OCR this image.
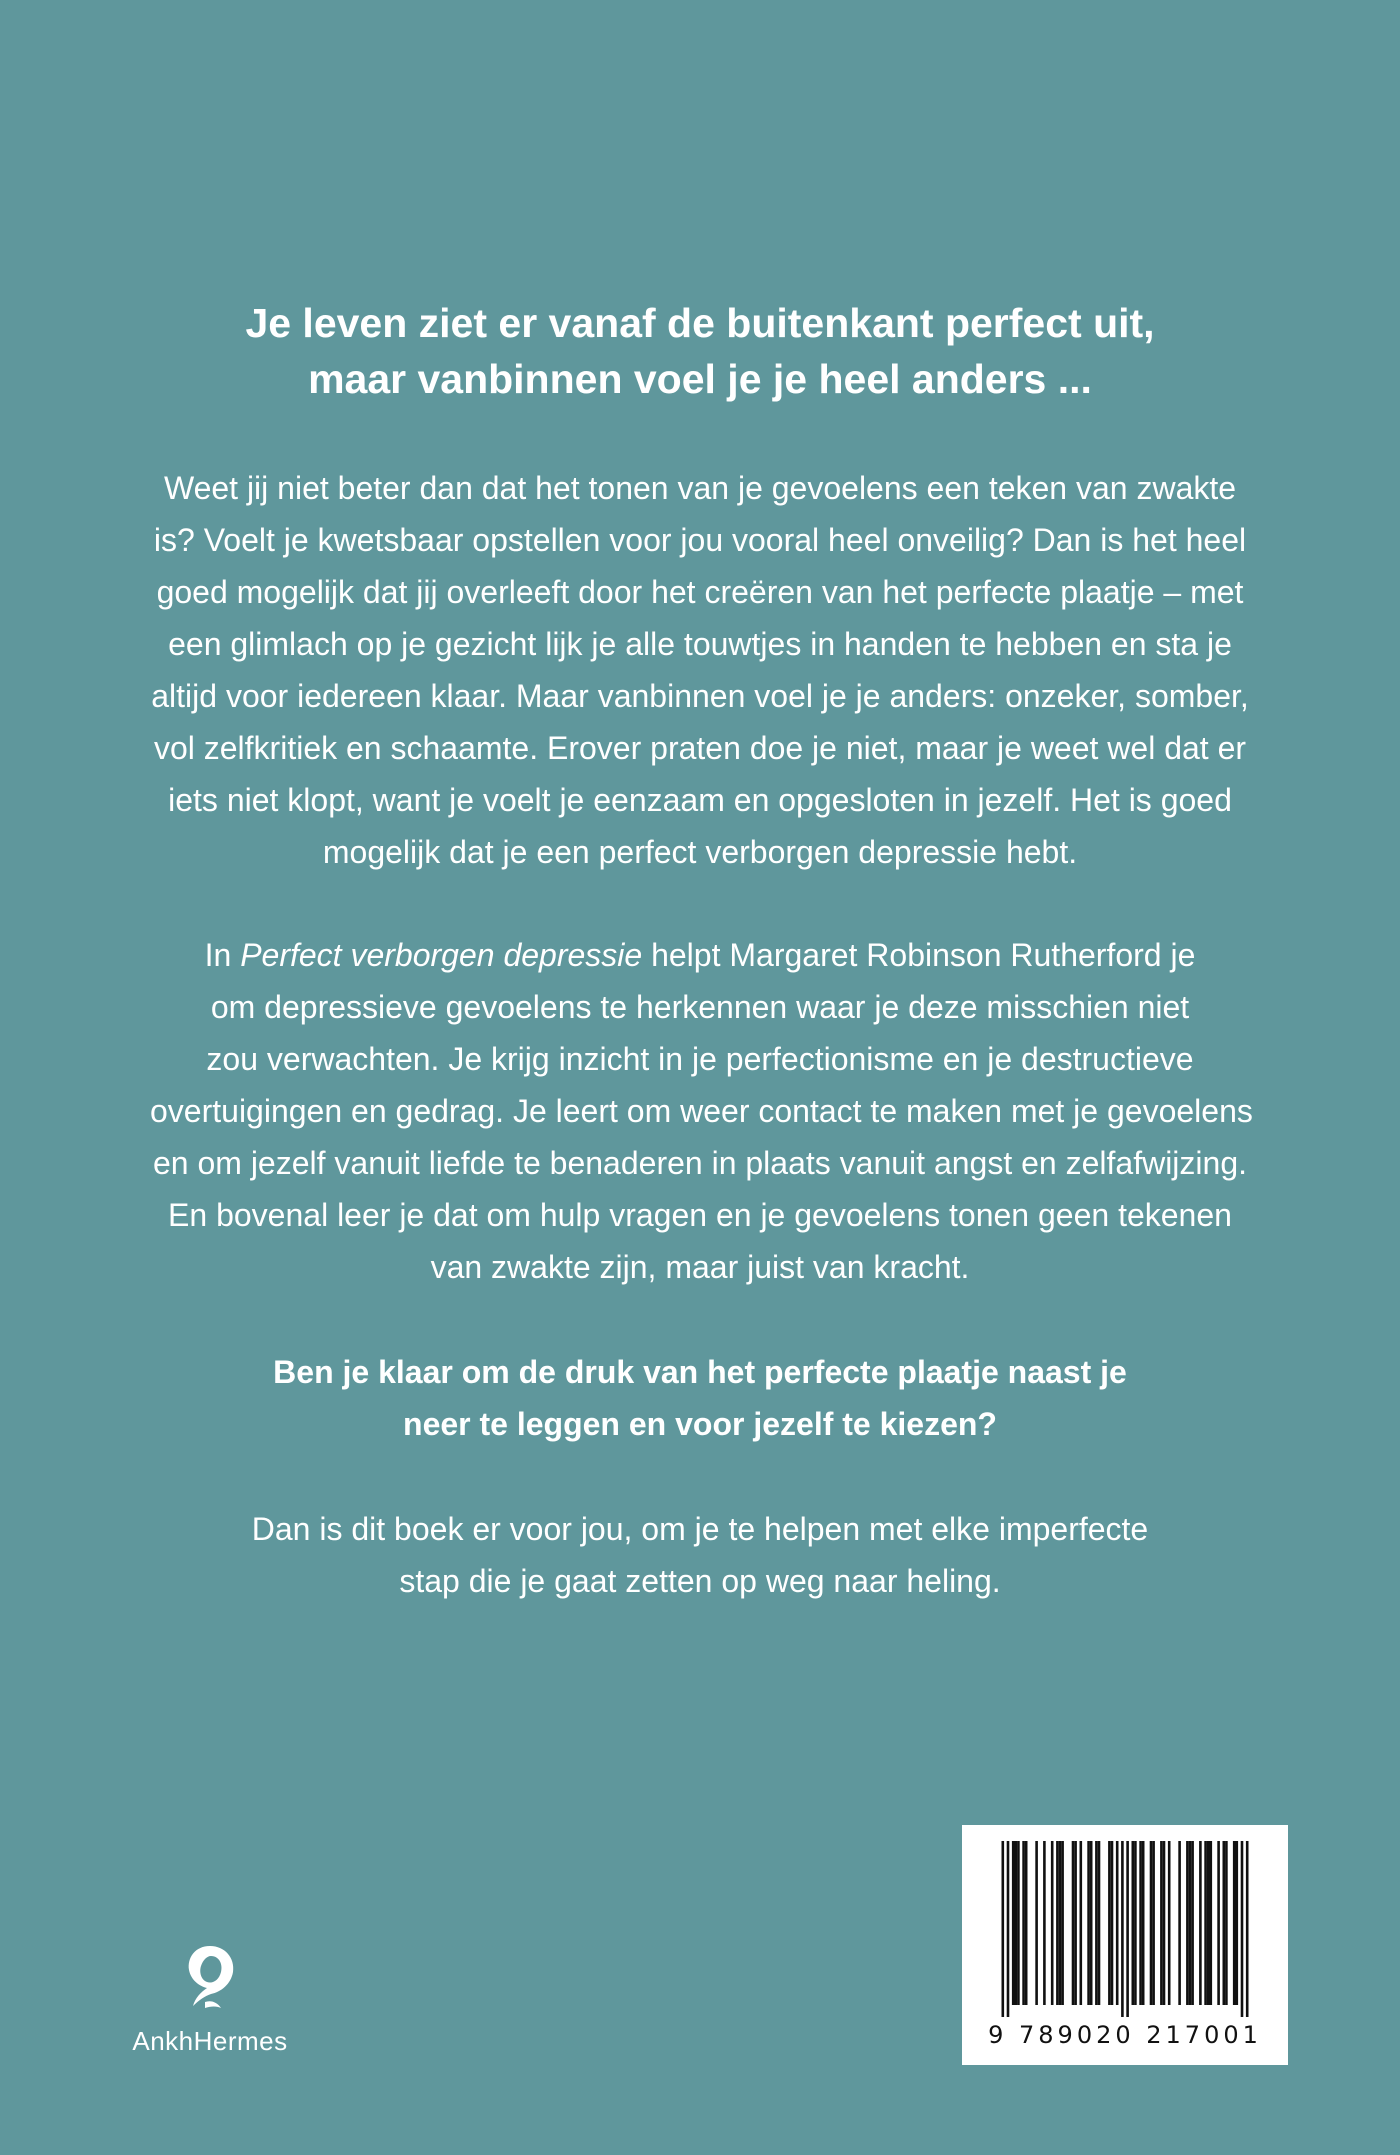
Je leven ziet er vanaf de buitenkant perfect uit,
maar vanbinnen voel je je heel anders ...
Weet jij niet beter dan dat het tonen van je gevoelens een teken van zwakte
is? Voelt je kwetsbaar opstellen voor jou vooral heel onveilig? Dan is het heel
goed mogelijk dat jij overleeft door het creëren van het perfecte plaatje – met
een glimlach op je gezicht lijk je alle touwtjes in handen te hebben en sta je
altijd voor iedereen klaar. Maar vanbinnen voel je je anders: onzeker, somber,
vol zelfkritiek en schaamte. Erover praten doe je niet, maar je weet wel dat er
iets niet klopt, want je voelt je eenzaam en opgesloten in jezelf. Het is goed
mogelijk dat je een perfect verborgen depressie hebt.
In Perfect verborgen depressie helpt Margaret Robinson Rutherford je
om depressieve gevoelens te herkennen waar je deze misschien niet
zou verwachten. Je krijg inzicht in je perfectionisme en je destructieve
overtuigingen en gedrag. Je leert om weer contact te maken met je gevoelens
en om jezelf vanuit liefde te benaderen in plaats vanuit angst en zelfafwijzing.
En bovenal leer je dat om hulp vragen en je gevoelens tonen geen tekenen
van zwakte zijn, maar juist van kracht.
Ben je klaar om de druk van het perfecte plaatje naast je
neer te leggen en voor jezelf te kiezen?
Dan is dit boek er voor jou, om je te helpen met elke imperfecte
stap die je gaat zetten op weg naar heling.
AnkhHermes	9 789020 217001
